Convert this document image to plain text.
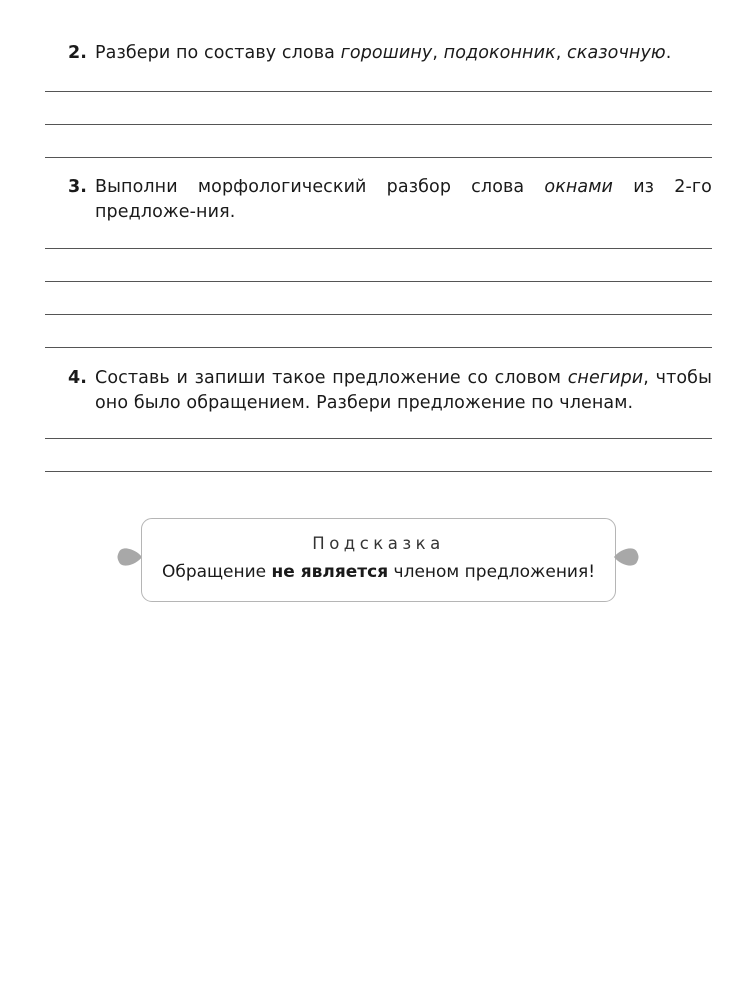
2. Разбери по составу слова горошину, подоконник, сказочную.
3. Выполни морфологический разбор слова окнами из 2-го предложе-ния.
4. Составь и запиши такое предложение со словом снегири, чтобы оно было обращением. Разбери предложение по членам.
Подсказка
Обращение не является членом предложения!
